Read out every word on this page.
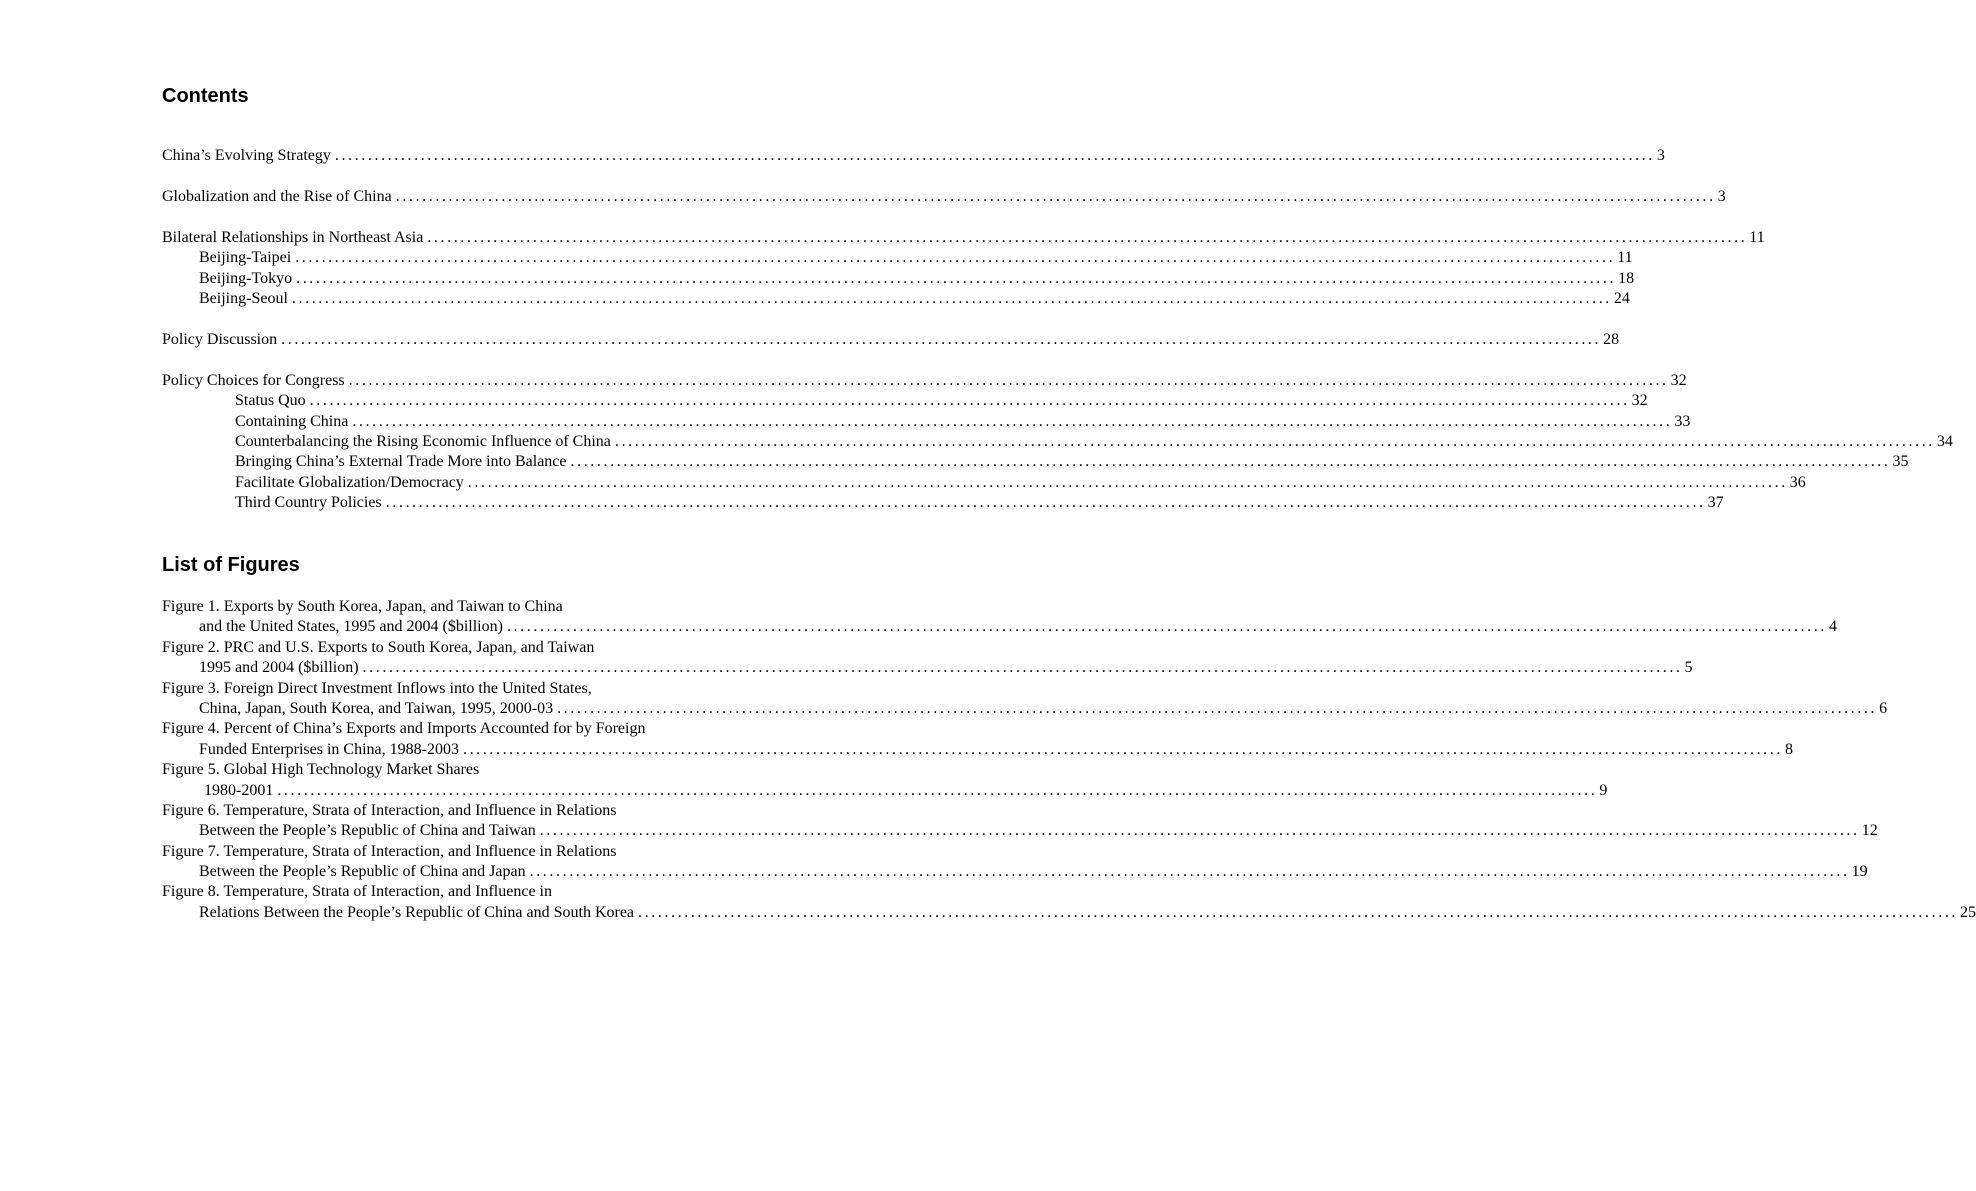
Contents
China’s Evolving Strategy ........................................................................................................................................................................................................ 3
Globalization and the Rise of China ........................................................................................................................................................................................................ 3
Bilateral Relationships in Northeast Asia ........................................................................................................................................................................................................ 11
Beijing-Taipei ........................................................................................................................................................................................................ 11
Beijing-Tokyo ........................................................................................................................................................................................................ 18
Beijing-Seoul ........................................................................................................................................................................................................ 24
Policy Discussion ........................................................................................................................................................................................................ 28
Policy Choices for Congress ........................................................................................................................................................................................................ 32
Status Quo ........................................................................................................................................................................................................ 32
Containing China ........................................................................................................................................................................................................ 33
Counterbalancing the Rising Economic Influence of China ........................................................................................................................................................................................................ 34
Bringing China’s External Trade More into Balance ........................................................................................................................................................................................................ 35
Facilitate Globalization/Democracy ........................................................................................................................................................................................................ 36
Third Country Policies ........................................................................................................................................................................................................ 37
List of Figures
Figure 1. Exports by South Korea, Japan, and Taiwan to China
and the United States, 1995 and 2004 ($billion) ........................................................................................................................................................................................................ 4
Figure 2. PRC and U.S. Exports to South Korea, Japan, and Taiwan
1995 and 2004 ($billion) ........................................................................................................................................................................................................ 5
Figure 3. Foreign Direct Investment Inflows into the United States,
China, Japan, South Korea, and Taiwan, 1995, 2000-03 ........................................................................................................................................................................................................ 6
Figure 4. Percent of China’s Exports and Imports Accounted for by Foreign
Funded Enterprises in China, 1988-2003 ........................................................................................................................................................................................................ 8
Figure 5. Global High Technology Market Shares
1980-2001 ........................................................................................................................................................................................................ 9
Figure 6. Temperature, Strata of Interaction, and Influence in Relations
Between the People’s Republic of China and Taiwan ........................................................................................................................................................................................................ 12
Figure 7. Temperature, Strata of Interaction, and Influence in Relations
Between the People’s Republic of China and Japan ........................................................................................................................................................................................................ 19
Figure 8. Temperature, Strata of Interaction, and Influence in
Relations Between the People’s Republic of China and South Korea ........................................................................................................................................................................................................ 25
